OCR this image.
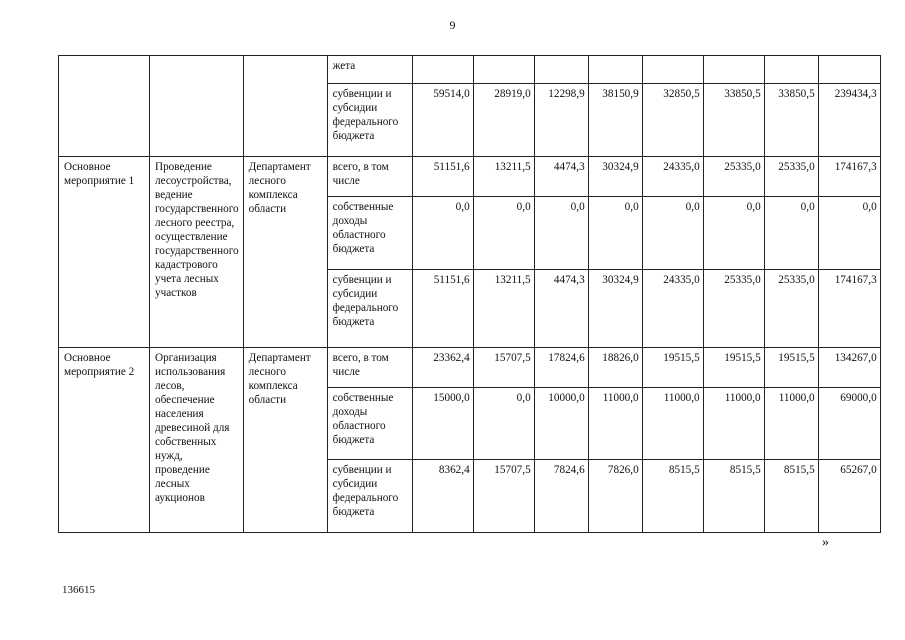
9
			жета								
			субвенции и субсидии федерального бюджета	59514,0	28919,0	12298,9	38150,9	32850,5	33850,5	33850,5	239434,3
Основное мероприятие 1	Проведение лесоустройства, ведение государственного лесного реестра, осуществление государственного кадастрового учета лесных участков	Департамент лесного комплекса области	всего, в том числе	51151,6	13211,5	4474,3	30324,9	24335,0	25335,0	25335,0	174167,3
			собственные доходы областного бюджета	0,0	0,0	0,0	0,0	0,0	0,0	0,0	0,0
			субвенции и субсидии федерального бюджета	51151,6	13211,5	4474,3	30324,9	24335,0	25335,0	25335,0	174167,3
Основное мероприятие 2	Организация использования лесов, обеспечение населения древесиной для собственных нужд, проведение лесных аукционов	Департамент лесного комплекса области	всего, в том числе	23362,4	15707,5	17824,6	18826,0	19515,5	19515,5	19515,5	134267,0
			собственные доходы областного бюджета	15000,0	0,0	10000,0	11000,0	11000,0	11000,0	11000,0	69000,0
			субвенции и субсидии федерального бюджета	8362,4	15707,5	7824,6	7826,0	8515,5	8515,5	8515,5	65267,0
»
136615
